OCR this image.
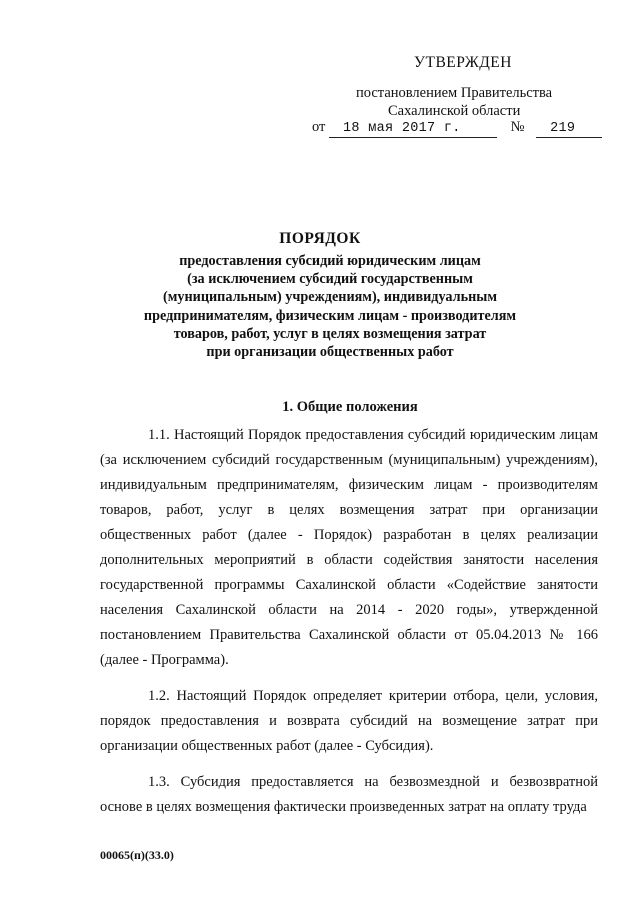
УТВЕРЖДЕН
постановлением Правительства
Сахалинской области
от 18 мая 2017 г.	№ 219
ПОРЯДОК
предоставления субсидий юридическим лицам
(за исключением субсидий государственным
(муниципальным) учреждениям), индивидуальным
предпринимателям, физическим лицам - производителям
товаров, работ, услуг в целях возмещения затрат
при организации общественных работ
1. Общие положения

1.1. Настоящий Порядок предоставления субсидий юридическим лицам (за исключением субсидий государственным (муниципальным) учреждениям), индивидуальным предпринимателям, физическим лицам - производителям товаров, работ, услуг в целях возмещения затрат при организации общественных работ (далее - Порядок) разработан в целях реализации дополнительных мероприятий в области содействия занятости населения государственной программы Сахалинской области «Содействие занятости населения Сахалинской области на 2014 - 2020 годы», утвержденной постановлением Правительства Сахалинской области от 05.04.2013 № 166 (далее - Программа).

1.2. Настоящий Порядок определяет критерии отбора, цели, условия, порядок предоставления и возврата субсидий на возмещение затрат при организации общественных работ (далее - Субсидия).

1.3. Субсидия предоставляется на безвозмездной и безвозвратной основе в целях возмещения фактически произведенных затрат на оплату труда

00065(п)(33.0)
